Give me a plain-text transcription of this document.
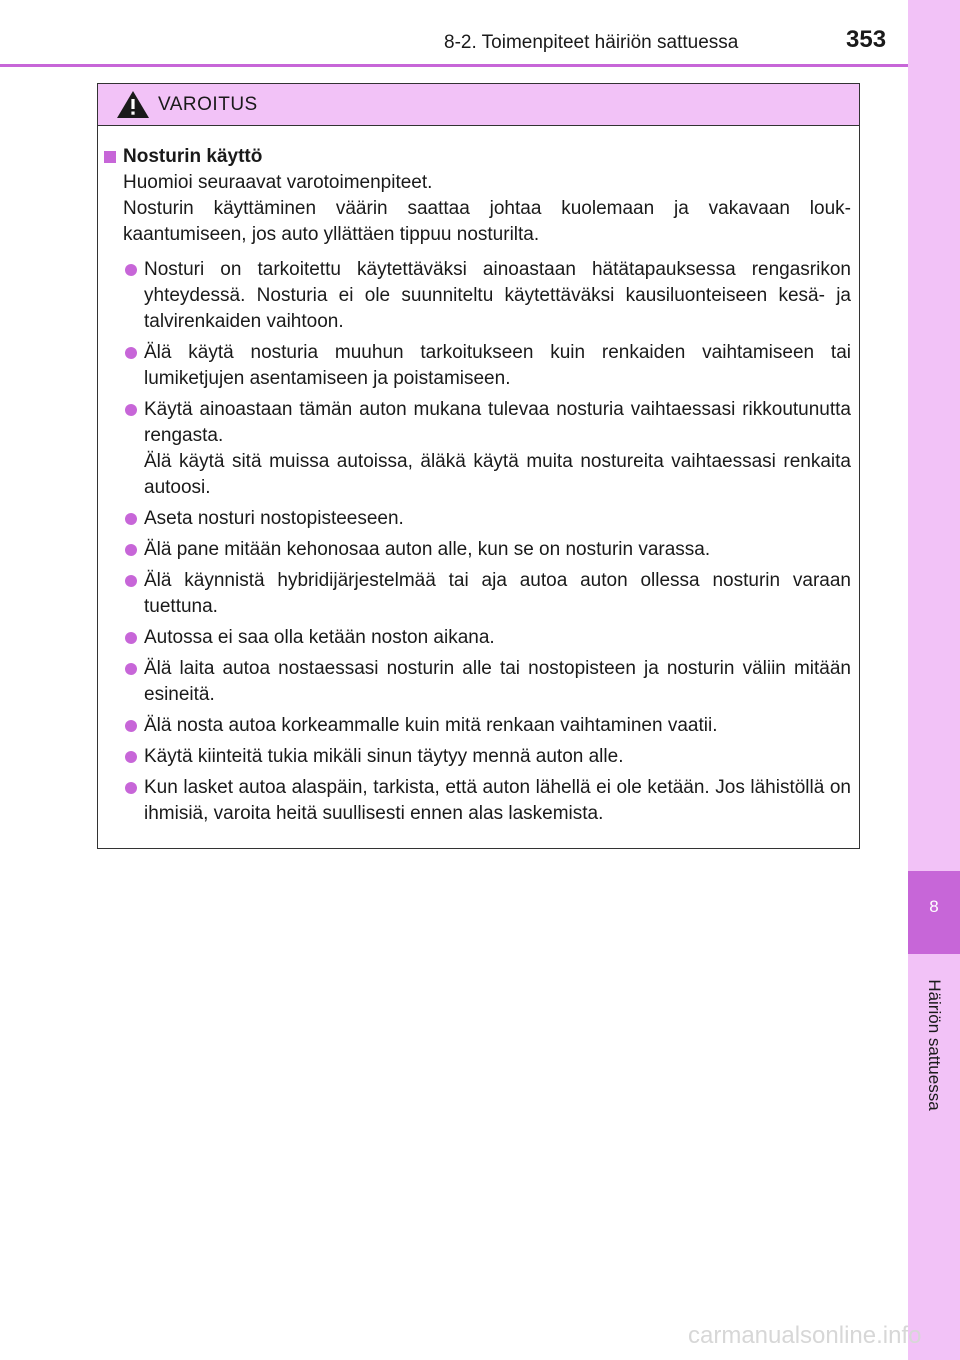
8-2. Toimenpiteet häiriön sattuessa	353
8
Häiriön sattuessa
VAROITUS
Nosturin käyttö

Huomioi seuraavat varotoimenpiteet.

Nosturin käyttäminen väärin saattaa johtaa kuolemaan ja vakavaan loukkaantumiseen, jos auto yllättäen tippuu nosturilta.

Nosturi on tarkoitettu käytettäväksi ainoastaan hätätapauksessa rengasrikon yhteydessä. Nosturia ei ole suunniteltu käytettäväksi kausiluonteiseen kesä- ja talvirenkaiden vaihtoon.

Älä käytä nosturia muuhun tarkoitukseen kuin renkaiden vaihtamiseen tai lumiketjujen asentamiseen ja poistamiseen.

Käytä ainoastaan tämän auton mukana tulevaa nosturia vaihtaessasi rikkoutunutta rengasta.

Älä käytä sitä muissa autoissa, äläkä käytä muita nostureita vaihtaessasi renkaita autoosi.

Aseta nosturi nostopisteeseen.

Älä pane mitään kehonosaa auton alle, kun se on nosturin varassa.

Älä käynnistä hybridijärjestelmää tai aja autoa auton ollessa nosturin varaan tuettuna.

Autossa ei saa olla ketään noston aikana.

Älä laita autoa nostaessasi nosturin alle tai nostopisteen ja nosturin väliin mitään esineitä.

Älä nosta autoa korkeammalle kuin mitä renkaan vaihtaminen vaatii.

Käytä kiinteitä tukia mikäli sinun täytyy mennä auton alle.

Kun lasket autoa alaspäin, tarkista, että auton lähellä ei ole ketään. Jos lähistöllä on ihmisiä, varoita heitä suullisesti ennen alas laskemista.

carmanualsonline.info
